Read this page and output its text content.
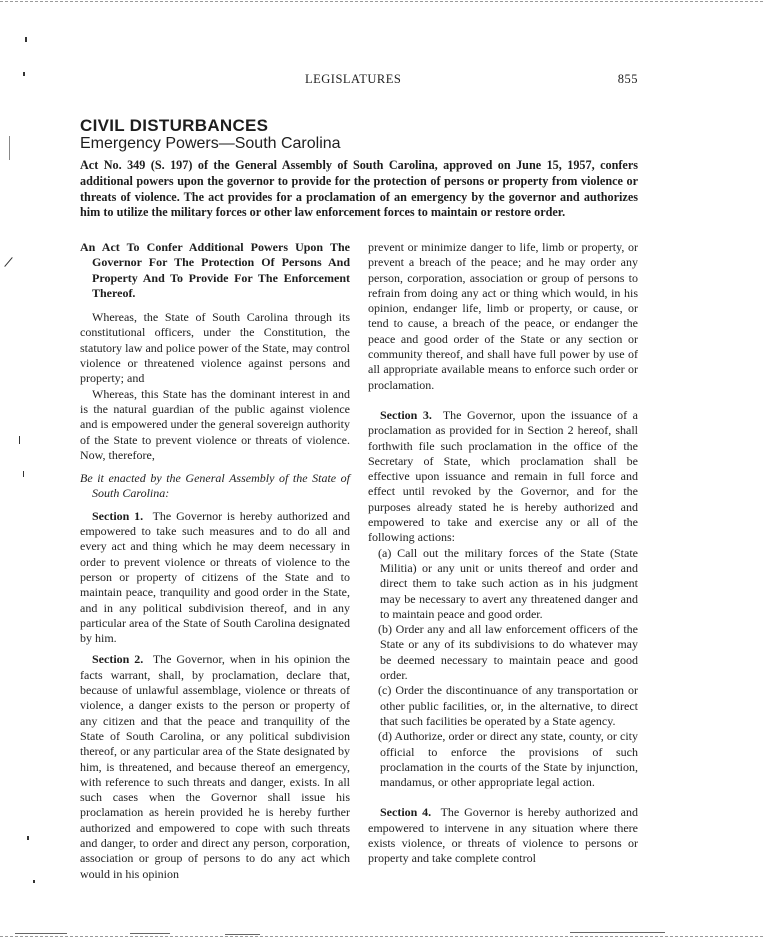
LEGISLATURES	855
CIVIL DISTURBANCES
Emergency Powers—South Carolina

Act No. 349 (S. 197) of the General Assembly of South Carolina, approved on June 15, 1957, confers additional powers upon the governor to provide for the protection of persons or property from violence or threats of violence. The act provides for a proclamation of an emergency by the governor and authorizes him to utilize the military forces or other law enforcement forces to maintain or restore order.

An Act To Confer Additional Powers Upon The Governor For The Protection Of Persons And Property And To Provide For The Enforcement Thereof.

Whereas, the State of South Carolina through its constitutional officers, under the Constitution, the statutory law and police power of the State, may control violence or threatened violence against persons and property; and

Whereas, this State has the dominant interest in and is the natural guardian of the public against violence and is empowered under the general sovereign authority of the State to prevent violence or threats of violence. Now, therefore,

Be it enacted by the General Assembly of the State of South Carolina:

Section 1. The Governor is hereby authorized and empowered to take such measures and to do all and every act and thing which he may deem necessary in order to prevent violence or threats of violence to the person or property of citizens of the State and to maintain peace, tranquility and good order in the State, and in any political subdivision thereof, and in any particular area of the State of South Carolina designated by him.

Section 2. The Governor, when in his opinion the facts warrant, shall, by proclamation, declare that, because of unlawful assemblage, violence or threats of violence, a danger exists to the person or property of any citizen and that the peace and tranquility of the State of South Carolina, or any political subdivision thereof, or any particular area of the State designated by him, is threatened, and because thereof an emergency, with reference to such threats and danger, exists. In all such cases when the Governor shall issue his proclamation as herein provided he is hereby further authorized and empowered to cope with such threats and danger, to order and direct any person, corporation, association or group of persons to do any act which would in his opinion

prevent or minimize danger to life, limb or property, or prevent a breach of the peace; and he may order any person, corporation, association or group of persons to refrain from doing any act or thing which would, in his opinion, endanger life, limb or property, or cause, or tend to cause, a breach of the peace, or endanger the peace and good order of the State or any section or community thereof, and shall have full power by use of all appropriate available means to enforce such order or proclamation.

Section 3. The Governor, upon the issuance of a proclamation as provided for in Section 2 hereof, shall forthwith file such proclamation in the office of the Secretary of State, which proclamation shall be effective upon issuance and remain in full force and effect until revoked by the Governor, and for the purposes already stated he is hereby authorized and empowered to take and exercise any or all of the following actions:

(a) Call out the military forces of the State (State Militia) or any unit or units thereof and order and direct them to take such action as in his judgment may be necessary to avert any threatened danger and to maintain peace and good order.

(b) Order any and all law enforcement officers of the State or any of its subdivisions to do whatever may be deemed necessary to maintain peace and good order.

(c) Order the discontinuance of any transportation or other public facilities, or, in the alternative, to direct that such facilities be operated by a State agency.

(d) Authorize, order or direct any state, county, or city official to enforce the provisions of such proclamation in the courts of the State by injunction, mandamus, or other appropriate legal action.

Section 4. The Governor is hereby authorized and empowered to intervene in any situation where there exists violence, or threats of violence to persons or property and take complete control
